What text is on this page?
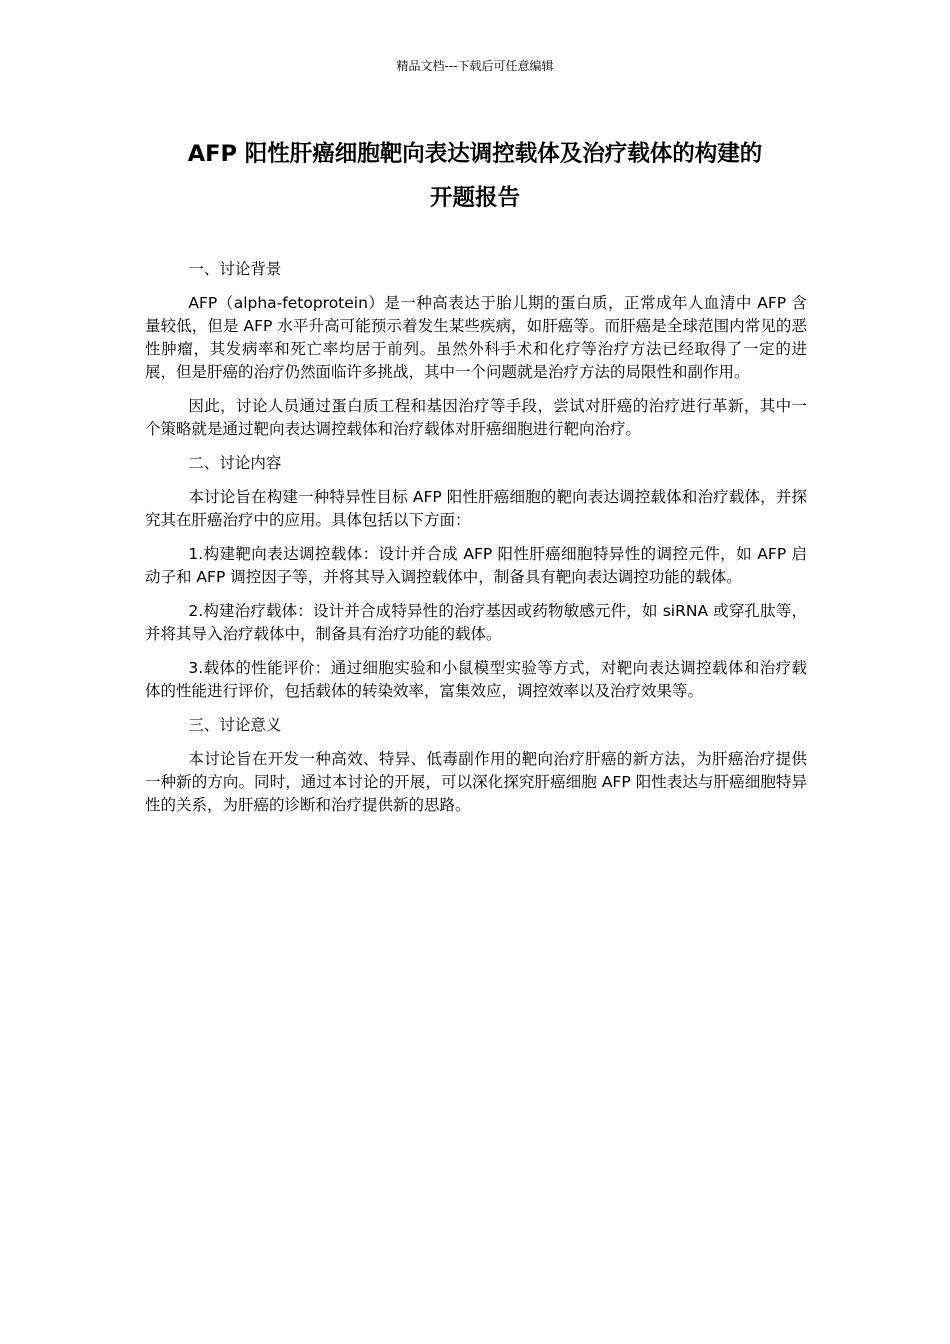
精品文档---下载后可任意编辑
AFP 阳性肝癌细胞靶向表达调控载体及治疗载体的构建的
开题报告
一、讨论背景

AFP（alpha-fetoprotein）是一种高表达于胎儿期的蛋白质，正常成年人血清中 AFP 含量较低，但是 AFP 水平升高可能预示着发生某些疾病，如肝癌等。而肝癌是全球范围内常见的恶性肿瘤，其发病率和死亡率均居于前列。虽然外科手术和化疗等治疗方法已经取得了一定的进展，但是肝癌的治疗仍然面临许多挑战，其中一个问题就是治疗方法的局限性和副作用。

因此，讨论人员通过蛋白质工程和基因治疗等手段，尝试对肝癌的治疗进行革新，其中一个策略就是通过靶向表达调控载体和治疗载体对肝癌细胞进行靶向治疗。

二、讨论内容

本讨论旨在构建一种特异性目标 AFP 阳性肝癌细胞的靶向表达调控载体和治疗载体，并探究其在肝癌治疗中的应用。具体包括以下方面：

1.构建靶向表达调控载体：设计并合成 AFP 阳性肝癌细胞特异性的调控元件，如 AFP 启动子和 AFP 调控因子等，并将其导入调控载体中，制备具有靶向表达调控功能的载体。

2.构建治疗载体：设计并合成特异性的治疗基因或药物敏感元件，如 siRNA 或穿孔肽等，并将其导入治疗载体中，制备具有治疗功能的载体。

3.载体的性能评价：通过细胞实验和小鼠模型实验等方式，对靶向表达调控载体和治疗载体的性能进行评价，包括载体的转染效率，富集效应，调控效率以及治疗效果等。

三、讨论意义

本讨论旨在开发一种高效、特异、低毒副作用的靶向治疗肝癌的新方法，为肝癌治疗提供一种新的方向。同时，通过本讨论的开展，可以深化探究肝癌细胞 AFP 阳性表达与肝癌细胞特异性的关系，为肝癌的诊断和治疗提供新的思路。
